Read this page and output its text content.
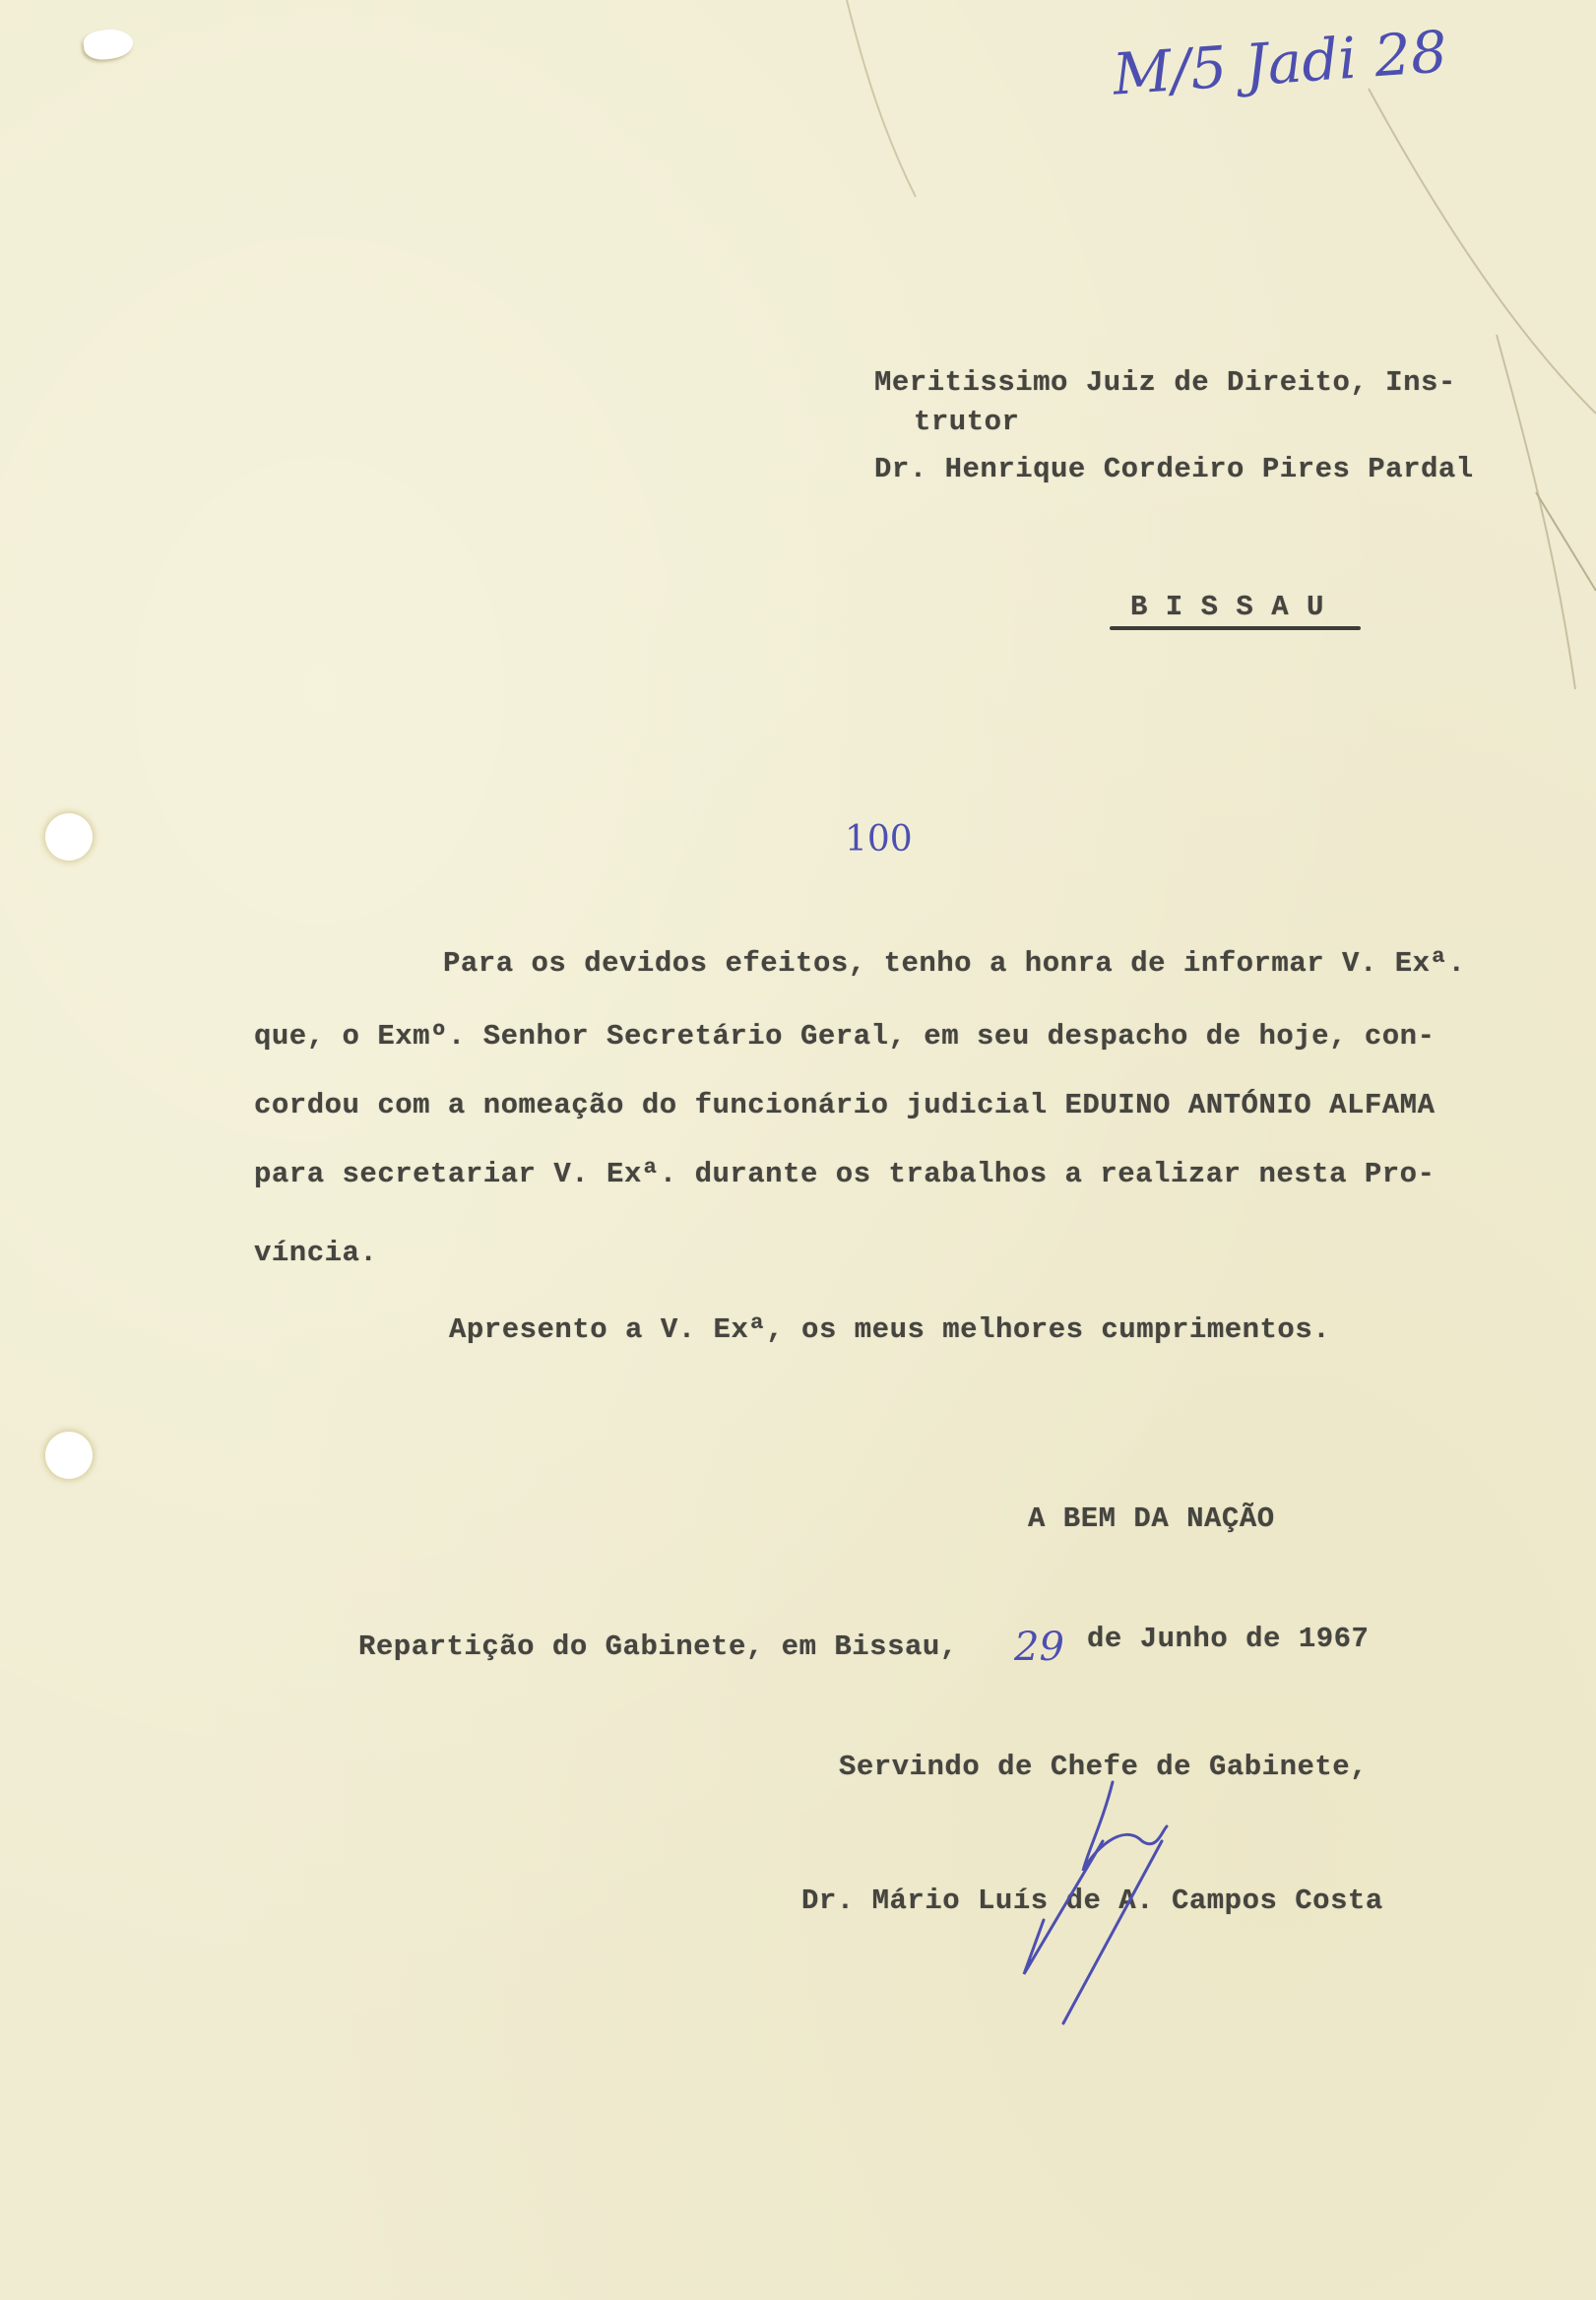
M/5 Jadi 28
Meritissimo Juiz de Direito, Ins-
trutor
Dr. Henrique Cordeiro Pires Pardal
B I S S A U
100
Para os devidos efeitos, tenho a honra de informar V. Exª.
que, o Exmº. Senhor Secretário Geral, em seu despacho de hoje, con-
cordou com a nomeação do funcionário judicial EDUINO ANTÓNIO ALFAMA
para secretariar V. Exª. durante os trabalhos a realizar nesta Pro-
víncia.
Apresento a V. Exª, os meus melhores cumprimentos.
A BEM DA NAÇÃO
Repartição do Gabinete, em Bissau, 29 de Junho de 1967
Servindo de Chefe de Gabinete,
Dr. Mário Luís de A. Campos Costa
